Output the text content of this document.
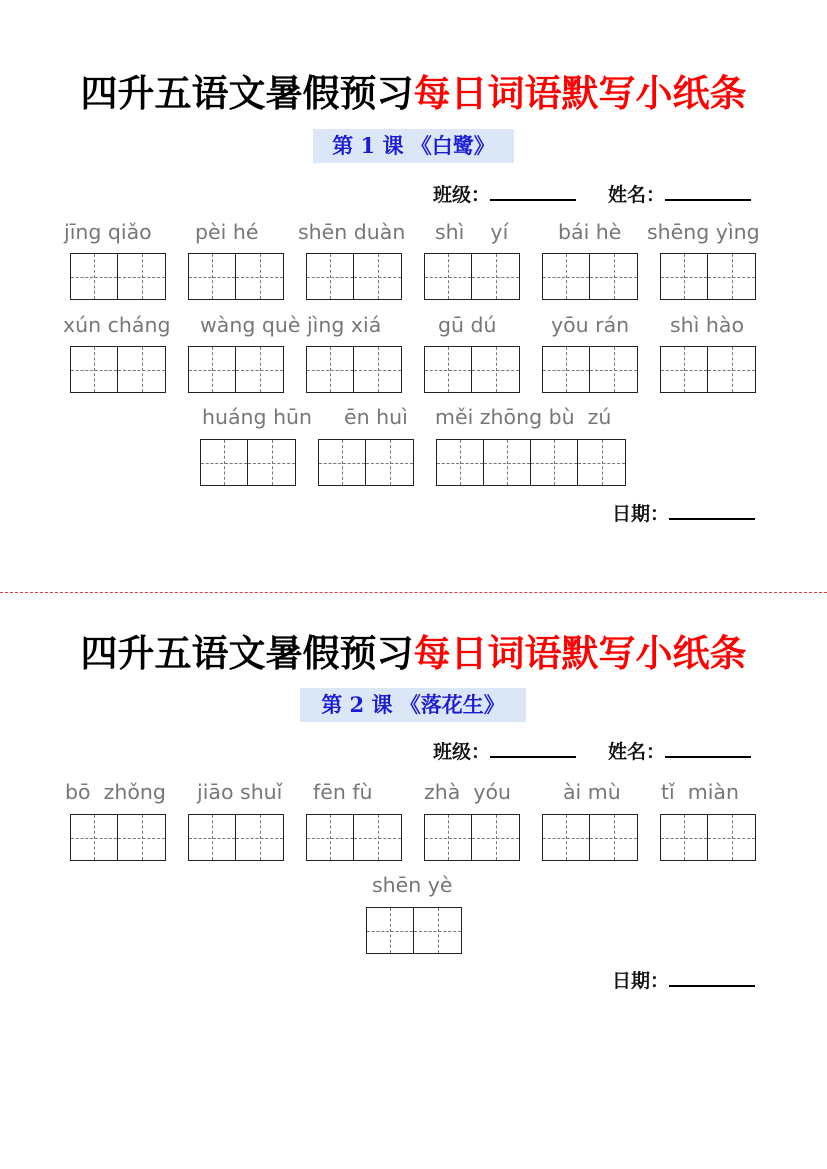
四升五语文暑假预习每日词语默写小纸条
第 1 课 《白鹭》
班级：	姓名：
jīng qiǎo pèi hé shēn duàn shì    yí bái hè shēng yìng
xún cháng wàng què jìng xiá	gū dú	yōu rán shì hào
huáng hūn ēn huì měi zhōng bù  zú
日期：
四升五语文暑假预习每日词语默写小纸条
第 2 课 《落花生》
班级：	姓名：
bō  zhǒng jiāo shuǐ fēn fù	zhà  yóu	ài mù tǐ  miàn
shēn yè
日期：
